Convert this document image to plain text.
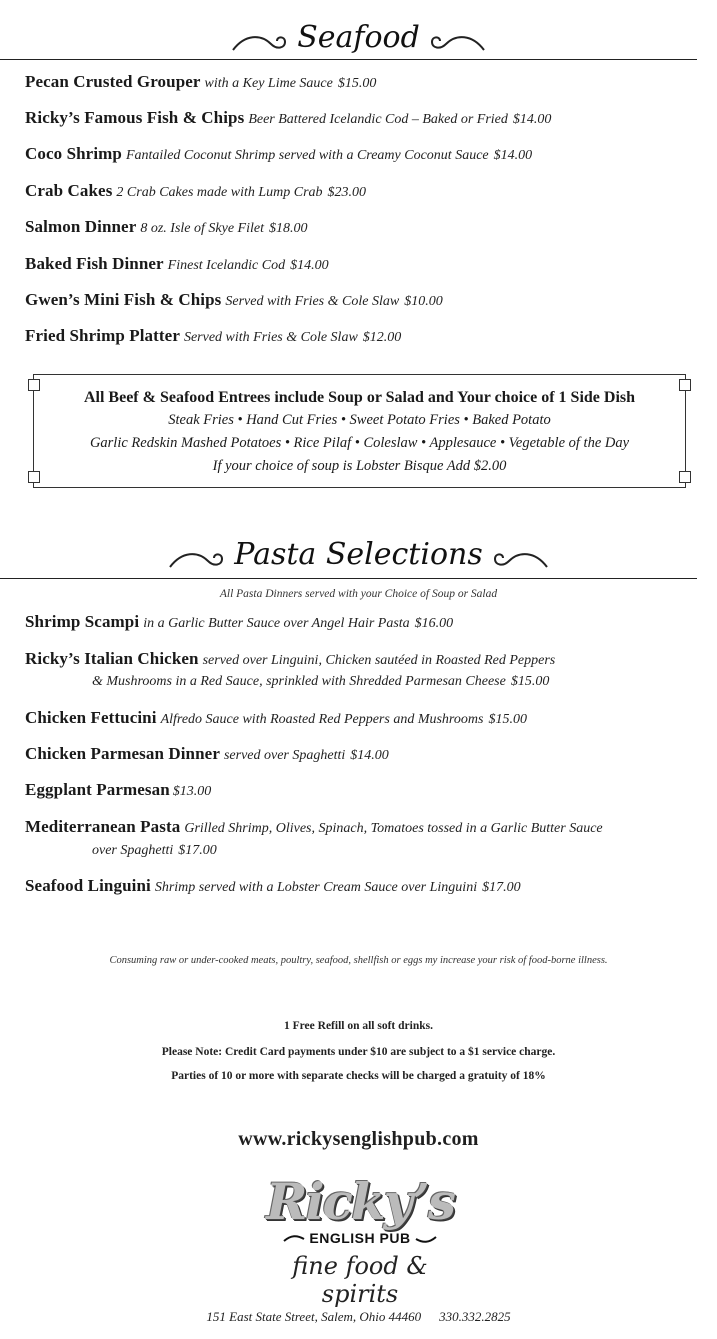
Seafood
Pecan Crusted Grouper with a Key Lime Sauce $15.00
Ricky’s Famous Fish & Chips Beer Battered Icelandic Cod – Baked or Fried $14.00
Coco Shrimp Fantailed Coconut Shrimp served with a Creamy Coconut Sauce $14.00
Crab Cakes 2 Crab Cakes made with Lump Crab $23.00
Salmon Dinner 8 oz. Isle of Skye Filet $18.00
Baked Fish Dinner Finest Icelandic Cod $14.00
Gwen’s Mini Fish & Chips Served with Fries & Cole Slaw $10.00
Fried Shrimp Platter Served with Fries & Cole Slaw $12.00
All Beef & Seafood Entrees include Soup or Salad and Your choice of 1 Side Dish
Steak Fries • Hand Cut Fries • Sweet Potato Fries • Baked Potato
Garlic Redskin Mashed Potatoes • Rice Pilaf • Coleslaw • Applesauce • Vegetable of the Day
If your choice of soup is Lobster Bisque Add $2.00
Pasta Selections
All Pasta Dinners served with your Choice of Soup or Salad
Shrimp Scampi in a Garlic Butter Sauce over Angel Hair Pasta $16.00
Ricky’s Italian Chicken served over Linguini, Chicken sautéed in Roasted Red Peppers
& Mushrooms in a Red Sauce, sprinkled with Shredded Parmesan Cheese $15.00
Chicken Fettucini Alfredo Sauce with Roasted Red Peppers and Mushrooms $15.00
Chicken Parmesan Dinner served over Spaghetti $14.00
Eggplant Parmesan $13.00
Mediterranean Pasta Grilled Shrimp, Olives, Spinach, Tomatoes tossed in a Garlic Butter Sauce
over Spaghetti $17.00
Seafood Linguini Shrimp served with a Lobster Cream Sauce over Linguini $17.00
Consuming raw or under-cooked meats, poultry, seafood, shellfish or eggs my increase your risk of food-borne illness.
1 Free Refill on all soft drinks.
Please Note: Credit Card payments under $10 are subject to a $1 service charge.
Parties of 10 or more with separate checks will be charged a gratuity of 18%
www.rickysenglishpub.com
Ricky’s
ENGLISH PUB
fine food & spirits
151 East State Street, Salem, Ohio 44460 330.332.2825
